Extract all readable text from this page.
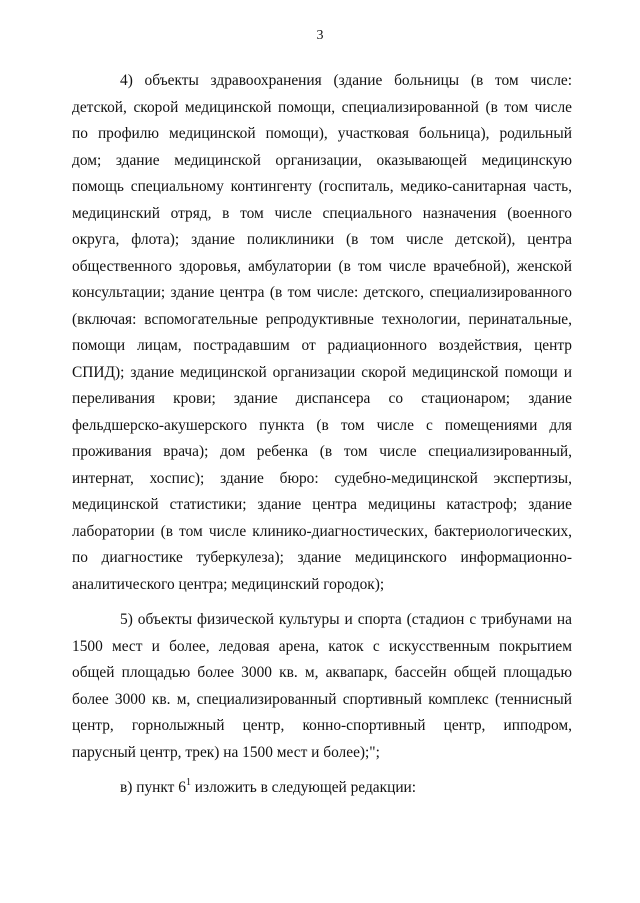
3
4) объекты здравоохранения (здание больницы (в том числе:
детской, скорой медицинской помощи, специализированной (в том числе
по профилю медицинской помощи), участковая больница), родильный
дом; здание медицинской организации, оказывающей медицинскую
помощь специальному контингенту (госпиталь, медико-санитарная часть,
медицинский отряд, в том числе специального назначения (военного
округа, флота); здание поликлиники (в том числе детской), центра
общественного здоровья, амбулатории (в том числе врачебной), женской
консультации; здание центра (в том числе: детского, специализированного
(включая: вспомогательные репродуктивные технологии, перинатальные,
помощи лицам, пострадавшим от радиационного воздействия, центр
СПИД); здание медицинской организации скорой медицинской помощи и
переливания крови; здание диспансера со стационаром; здание
фельдшерско-акушерского пункта (в том числе с помещениями для
проживания врача); дом ребенка (в том числе специализированный,
интернат, хоспис); здание бюро: судебно-медицинской экспертизы,
медицинской статистики; здание центра медицины катастроф; здание
лаборатории (в том числе клинико-диагностических, бактериологических,
по диагностике туберкулеза); здание медицинского информационно-
аналитического центра; медицинский городок);
5) объекты физической культуры и спорта (стадион с трибунами на
1500 мест и более, ледовая арена, каток с искусственным покрытием
общей площадью более 3000 кв. м, аквапарк, бассейн общей площадью
более 3000 кв. м, специализированный спортивный комплекс (теннисный
центр, горнолыжный центр, конно-спортивный центр, ипподром,
парусный центр, трек) на 1500 мест и более);";
в) пункт $6^1$ изложить в следующей редакции:
